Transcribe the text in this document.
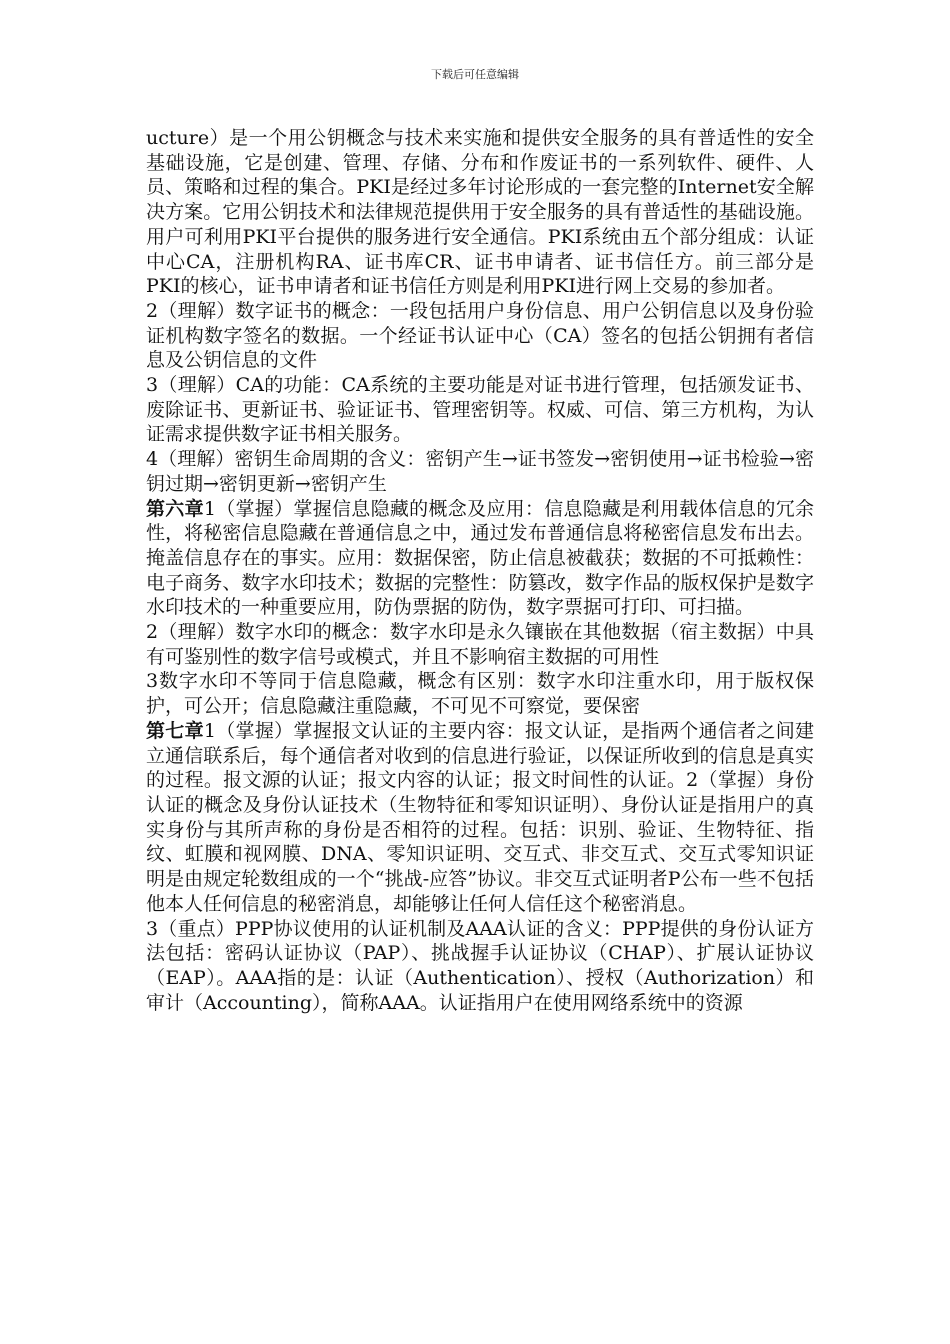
下载后可任意编辑

ucture）是一个用公钥概念与技术来实施和提供安全服务的具有普适性的安全基础设施，它是创建、管理、存储、分布和作废证书的一系列软件、硬件、人员、策略和过程的集合。PKI是经过多年讨论形成的一套完整的Internet安全解决方案。它用公钥技术和法律规范提供用于安全服务的具有普适性的基础设施。用户可利用PKI平台提供的服务进行安全通信。PKI系统由五个部分组成：认证中心CA，注册机构RA、证书库CR、证书申请者、证书信任方。前三部分是PKI的核心，证书申请者和证书信任方则是利用PKI进行网上交易的参加者。

2（理解）数字证书的概念：一段包括用户身份信息、用户公钥信息以及身份验证机构数字签名的数据。一个经证书认证中心（CA）签名的包括公钥拥有者信息及公钥信息的文件

3（理解）CA的功能：CA系统的主要功能是对证书进行管理，包括颁发证书、废除证书、更新证书、验证证书、管理密钥等。权威、可信、第三方机构，为认证需求提供数字证书相关服务。

4（理解）密钥生命周期的含义：密钥产生→证书签发→密钥使用→证书检验→密钥过期→密钥更新→密钥产生

第六章1（掌握）掌握信息隐藏的概念及应用：信息隐藏是利用载体信息的冗余性，将秘密信息隐藏在普通信息之中，通过发布普通信息将秘密信息发布出去。掩盖信息存在的事实。应用：数据保密，防止信息被截获；数据的不可抵赖性：电子商务、数字水印技术；数据的完整性：防篡改，数字作品的版权保护是数字水印技术的一种重要应用，防伪票据的防伪，数字票据可打印、可扫描。

2（理解）数字水印的概念：数字水印是永久镶嵌在其他数据（宿主数据）中具有可鉴别性的数字信号或模式，并且不影响宿主数据的可用性

3数字水印不等同于信息隐藏，概念有区别：数字水印注重水印，用于版权保护，可公开；信息隐藏注重隐藏，不可见不可察觉，要保密

第七章1（掌握）掌握报文认证的主要内容：报文认证，是指两个通信者之间建立通信联系后，每个通信者对收到的信息进行验证，以保证所收到的信息是真实的过程。报文源的认证；报文内容的认证；报文时间性的认证。2（掌握）身份认证的概念及身份认证技术（生物特征和零知识证明）、身份认证是指用户的真实身份与其所声称的身份是否相符的过程。包括：识别、验证、生物特征、指纹、虹膜和视网膜、DNA、零知识证明、交互式、非交互式、交互式零知识证明是由规定轮数组成的一个“挑战-应答”协议。非交互式证明者P公布一些不包括他本人任何信息的秘密消息，却能够让任何人信任这个秘密消息。

3（重点）PPP协议使用的认证机制及AAA认证的含义：PPP提供的身份认证方法包括：密码认证协议（PAP）、挑战握手认证协议（CHAP）、扩展认证协议（EAP）。AAA指的是：认证（Authentication）、授权（Authorization）和审计（Accounting），简称AAA。认证指用户在使用网络系统中的资源
